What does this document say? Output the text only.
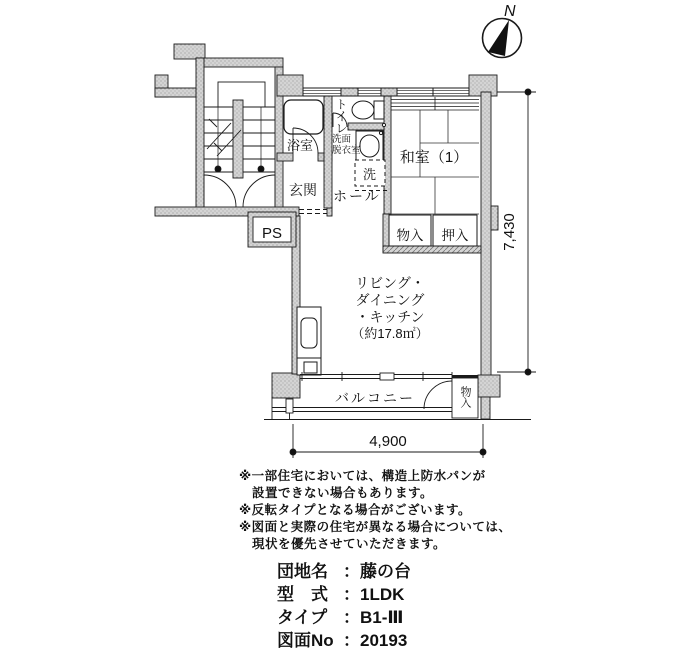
7,430
4,900
N
浴室
トイレ
洗面
脱衣室
洗
和室（1）
玄関 ホール
PS	物入 押入
リビング・
ダイニング
・キッチン
（約17.8㎡）
バルコニー	物入
※一部住宅においては、構造上防水パンが
設置できない場合もあります。
※反転タイプとなる場合がございます。
※図面と実際の住宅が異なる場合については、
現状を優先させていただきます。
団地名 ： 藤の台
型　式 ： 1LDK
タイプ ： B1-Ⅲ
図面No ： 20193
